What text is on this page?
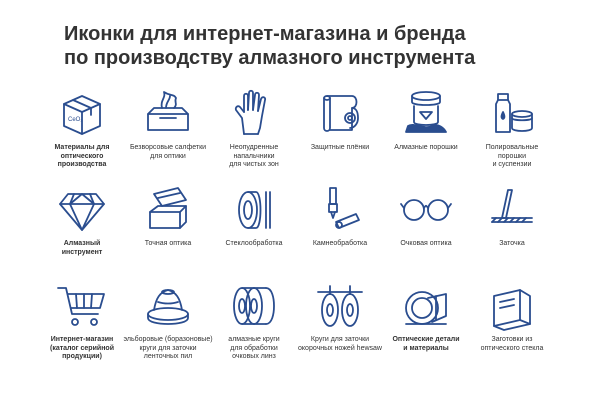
Иконки для интернет-магазина и бренда
по производству алмазного инструмента
CeO₂
Материалы для
оптического
производства
Безворсовые салфетки
для оптики
Неопудренные
напальчники
для чистых зон
Защитные плёнки	Алмазные порошки	Полировальные
порошки
и суспензии
Алмазный
инструмент
Точная оптика	Стеклообработка	Камнеобработка	Очковая оптика	Заточка
Интернет-магазин
(каталог серийной
продукции)
эльборовые (боразоновые)
круги для заточки
ленточных пил
алмазные круги
для обработки
очковых линз
Круги для заточки
окорочных ножей hewsaw
Оптические детали
и материалы
Заготовки из
оптического стекла
